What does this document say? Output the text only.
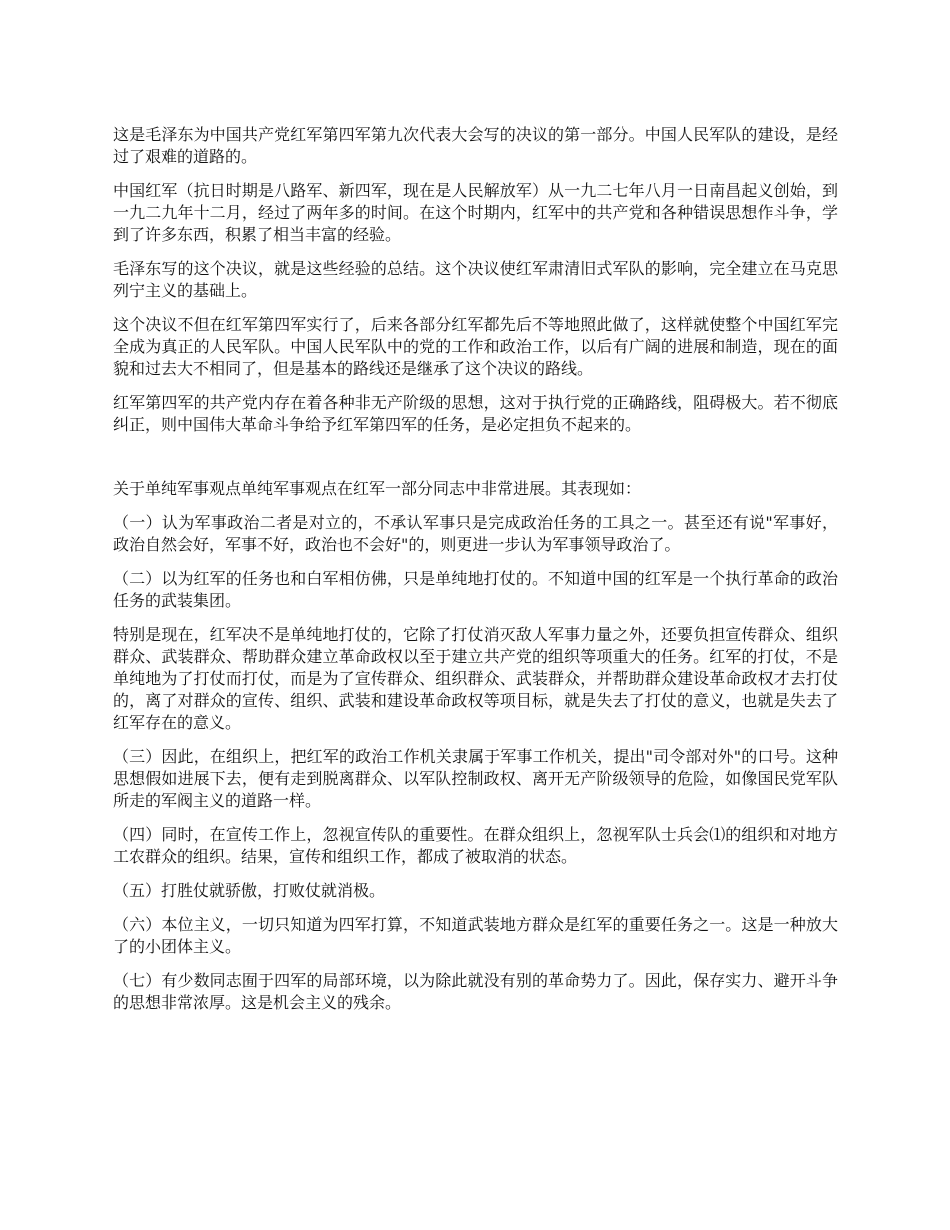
这是毛泽东为中国共产党红军第四军第九次代表大会写的决议的第一部分。中国人民军队的建设，是经过了艰难的道路的。

中国红军（抗日时期是八路军、新四军，现在是人民解放军）从一九二七年八月一日南昌起义创始，到一九二九年十二月，经过了两年多的时间。在这个时期内，红军中的共产党和各种错误思想作斗争，学到了许多东西，积累了相当丰富的经验。

毛泽东写的这个决议，就是这些经验的总结。这个决议使红军肃清旧式军队的影响，完全建立在马克思列宁主义的基础上。

这个决议不但在红军第四军实行了，后来各部分红军都先后不等地照此做了，这样就使整个中国红军完全成为真正的人民军队。中国人民军队中的党的工作和政治工作，以后有广阔的进展和制造，现在的面貌和过去大不相同了，但是基本的路线还是继承了这个决议的路线。

红军第四军的共产党内存在着各种非无产阶级的思想，这对于执行党的正确路线，阻碍极大。若不彻底纠正，则中国伟大革命斗争给予红军第四军的任务，是必定担负不起来的。

关于单纯军事观点单纯军事观点在红军一部分同志中非常进展。其表现如：

（一）认为军事政治二者是对立的，不承认军事只是完成政治任务的工具之一。甚至还有说"军事好，政治自然会好，军事不好，政治也不会好"的，则更进一步认为军事领导政治了。

（二）以为红军的任务也和白军相仿佛，只是单纯地打仗的。不知道中国的红军是一个执行革命的政治任务的武装集团。

特别是现在，红军决不是单纯地打仗的，它除了打仗消灭敌人军事力量之外，还要负担宣传群众、组织群众、武装群众、帮助群众建立革命政权以至于建立共产党的组织等项重大的任务。红军的打仗，不是单纯地为了打仗而打仗，而是为了宣传群众、组织群众、武装群众，并帮助群众建设革命政权才去打仗的，离了对群众的宣传、组织、武装和建设革命政权等项目标，就是失去了打仗的意义，也就是失去了红军存在的意义。

（三）因此，在组织上，把红军的政治工作机关隶属于军事工作机关，提出"司令部对外"的口号。这种思想假如进展下去，便有走到脱离群众、以军队控制政权、离开无产阶级领导的危险，如像国民党军队所走的军阀主义的道路一样。

（四）同时，在宣传工作上，忽视宣传队的重要性。在群众组织上，忽视军队士兵会⑴的组织和对地方工农群众的组织。结果，宣传和组织工作，都成了被取消的状态。

（五）打胜仗就骄傲，打败仗就消极。

（六）本位主义，一切只知道为四军打算，不知道武装地方群众是红军的重要任务之一。这是一种放大了的小团体主义。

（七）有少数同志囿于四军的局部环境，以为除此就没有别的革命势力了。因此，保存实力、避开斗争的思想非常浓厚。这是机会主义的残余。
